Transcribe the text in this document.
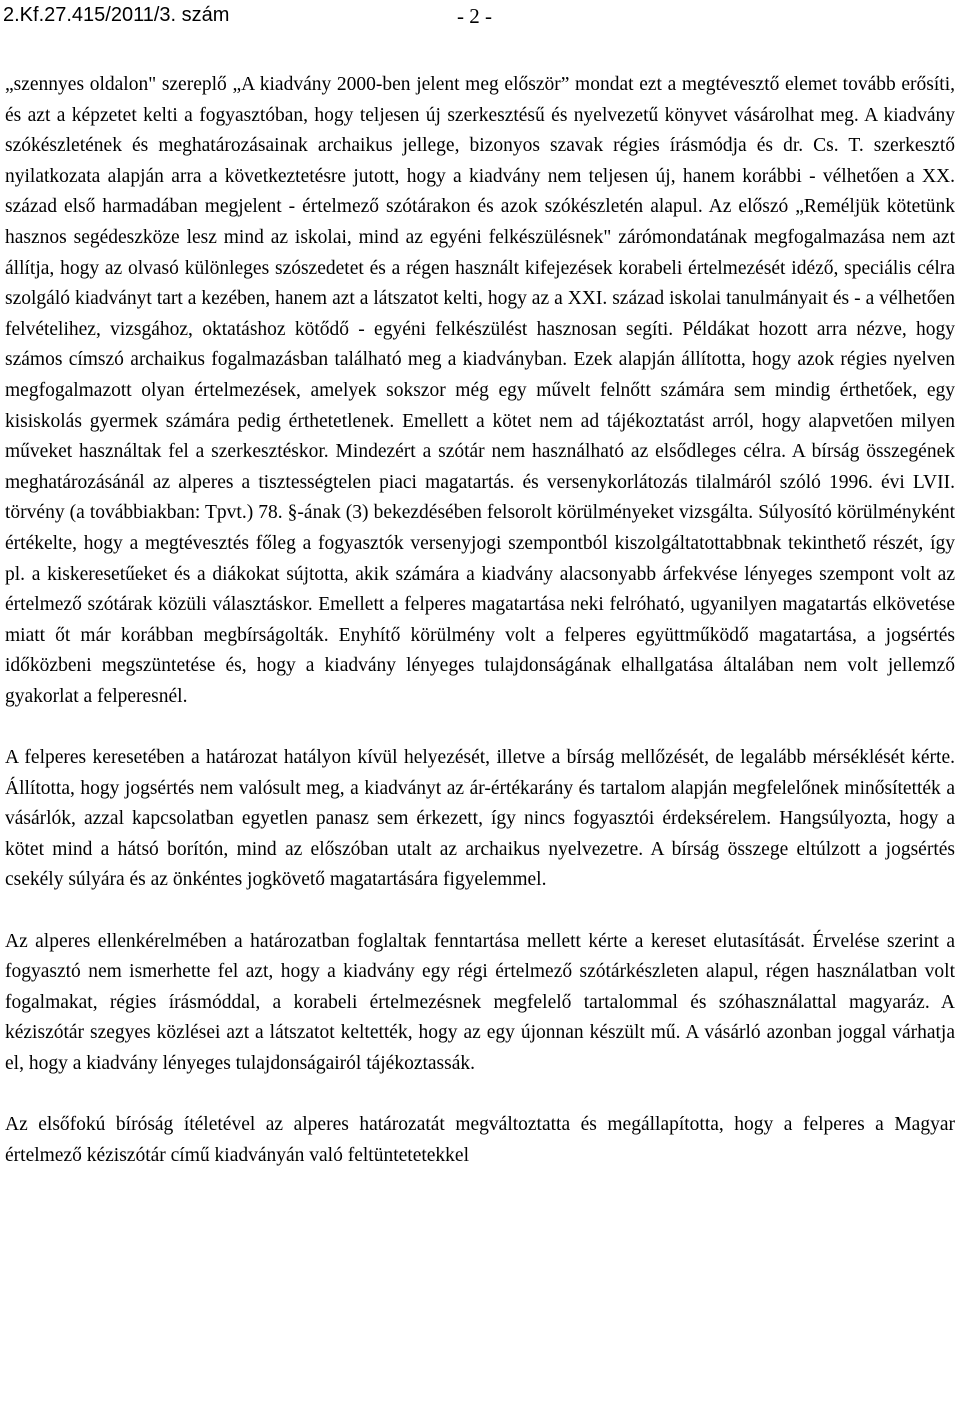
2.Kf.27.415/2011/3. szám	- 2 -

„szennyes oldalon" szereplő „A kiadvány 2000-ben jelent meg először” mondat ezt a megtévesztő elemet tovább erősíti, és azt a képzetet kelti a fogyasztóban, hogy teljesen új szerkesztésű és nyelvezetű könyvet vásárolhat meg. A kiadvány szókészletének és meghatározásainak archaikus jellege, bizonyos szavak régies írásmódja és dr. Cs. T. szerkesztő nyilatkozata alapján arra a következtetésre jutott, hogy a kiadvány nem teljesen új, hanem korábbi - vélhetően a XX. század első harmadában megjelent - értelmező szótárakon és azok szókészletén alapul. Az előszó „Reméljük kötetünk hasznos segédeszköze lesz mind az iskolai, mind az egyéni felkészülésnek" zárómondatának megfogalmazása nem azt állítja, hogy az olvasó különleges szószedetet és a régen használt kifejezések korabeli értelmezését idéző, speciális célra szolgáló kiadványt tart a kezében, hanem azt a látszatot kelti, hogy az a XXI. század iskolai tanulmányait és - a vélhetően felvételihez, vizsgához, oktatáshoz kötődő - egyéni felkészülést hasznosan segíti. Példákat hozott arra nézve, hogy számos címszó archaikus fogalmazásban található meg a kiadványban. Ezek alapján állította, hogy azok régies nyelven megfogalmazott olyan értelmezések, amelyek sokszor még egy művelt felnőtt számára sem mindig érthetőek, egy kisiskolás gyermek számára pedig érthetetlenek. Emellett a kötet nem ad tájékoztatást arról, hogy alapvetően milyen műveket használtak fel a szerkesztéskor. Mindezért a szótár nem használható az elsődleges célra. A bírság összegének meghatározásánál az alperes a tisztességtelen piaci magatartás. és versenykorlátozás tilalmáról szóló 1996. évi LVII. törvény (a továbbiakban: Tpvt.) 78. §-ának (3) bekezdésében felsorolt körülményeket vizsgálta. Súlyosító körülményként értékelte, hogy a megtévesztés főleg a fogyasztók versenyjogi szempontból kiszolgáltatottabbnak tekinthető részét, így pl. a kiskeresetűeket és a diákokat sújtotta, akik számára a kiadvány alacsonyabb árfekvése lényeges szempont volt az értelmező szótárak közüli választáskor. Emellett a felperes magatartása neki felróható, ugyanilyen magatartás elkövetése miatt őt már korábban megbírságolták. Enyhítő körülmény volt a felperes együttműködő magatartása, a jogsértés időközbeni megszüntetése és, hogy a kiadvány lényeges tulajdonságának elhallgatása általában nem volt jellemző gyakorlat a felperesnél.

A felperes keresetében a határozat hatályon kívül helyezését, illetve a bírság mellőzését, de legalább mérséklését kérte. Állította, hogy jogsértés nem valósult meg, a kiadványt az ár-értékarány és tartalom alapján megfelelőnek minősítették a vásárlók, azzal kapcsolatban egyetlen panasz sem érkezett, így nincs fogyasztói érdeksérelem. Hangsúlyozta, hogy a kötet mind a hátsó borítón, mind az előszóban utalt az archaikus nyelvezetre. A bírság összege eltúlzott a jogsértés csekély súlyára és az önkéntes jogkövető magatartására figyelemmel.

Az alperes ellenkérelmében a határozatban foglaltak fenntartása mellett kérte a kereset elutasítását. Érvelése szerint a fogyasztó nem ismerhette fel azt, hogy a kiadvány egy régi értelmező szótárkészleten alapul, régen használatban volt fogalmakat, régies írásmóddal, a korabeli értelmezésnek megfelelő tartalommal és szóhasználattal magyaráz. A kéziszótár szegyes közlései azt a látszatot keltették, hogy az egy újonnan készült mű. A vásárló azonban joggal várhatja el, hogy a kiadvány lényeges tulajdonságairól tájékoztassák.

Az elsőfokú bíróság ítéletével az alperes határozatát megváltoztatta és megállapította, hogy a felperes a Magyar értelmező kéziszótár című kiadványán való feltüntetetekkel
